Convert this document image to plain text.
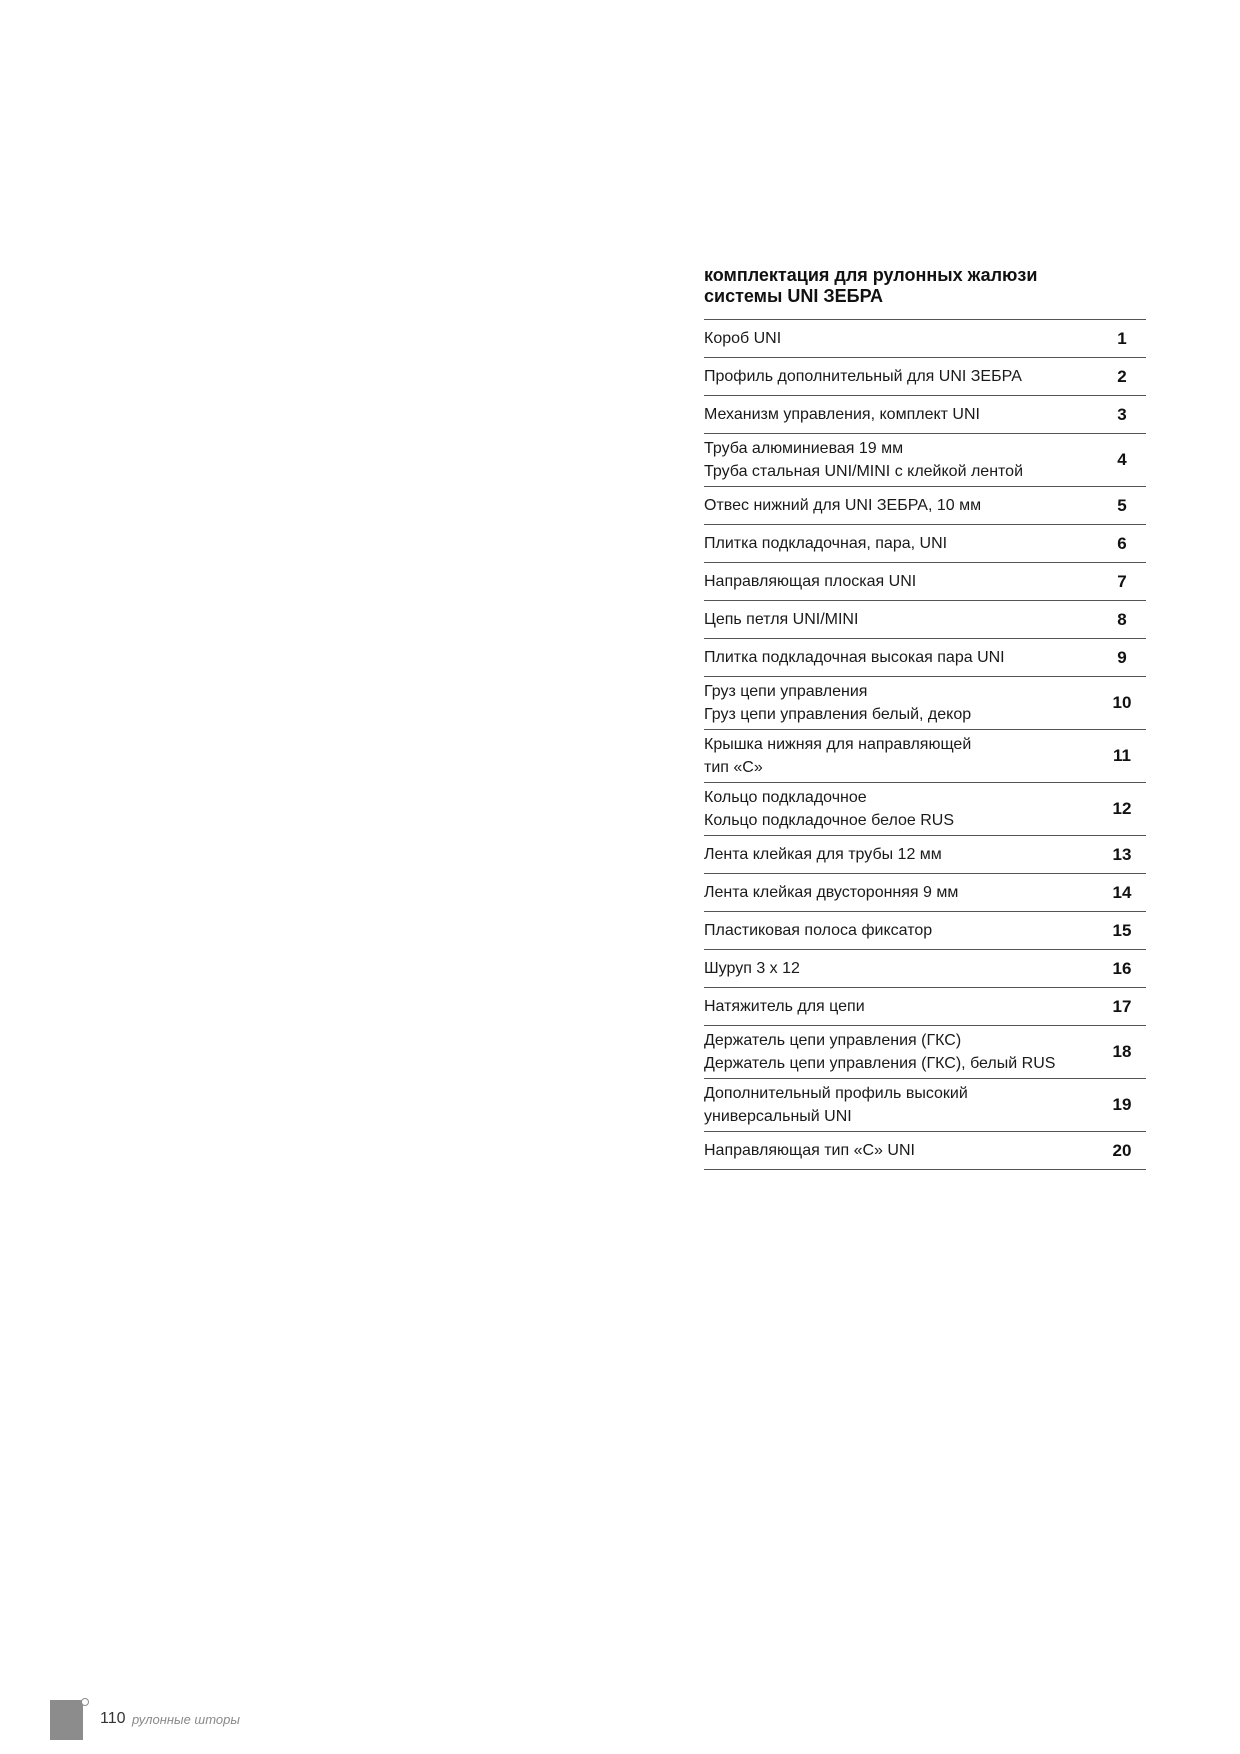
комплектация для рулонных жалюзи
системы UNI ЗЕБРА
Короб UNI	1
Профиль дополнительный для UNI ЗЕБРА	2
Механизм управления, комплект UNI	3
Труба алюминиевая 19 мм
Труба стальная UNI/MINI с клейкой лентой
4
Отвес нижний для UNI ЗЕБРА, 10 мм	5
Плитка подкладочная, пара, UNI	6
Направляющая плоская UNI	7
Цепь петля UNI/MINI	8
Плитка подкладочная высокая пара UNI	9
Груз цепи управления
Груз цепи управления белый, декор
10
Крышка нижняя для направляющей
тип «С»
11
Кольцо подкладочное
Кольцо подкладочное белое RUS
12
Лента клейкая для трубы 12 мм	13
Лента клейкая двусторонняя 9 мм	14
Пластиковая полоса фиксатор	15
Шуруп 3 х 12	16
Натяжитель для цепи	17
Держатель цепи управления (ГКС)
Держатель цепи управления (ГКС), белый RUS
18
Дополнительный профиль высокий
универсальный UNI
19
Направляющая тип «С» UNI	20
110 рулонные шторы
